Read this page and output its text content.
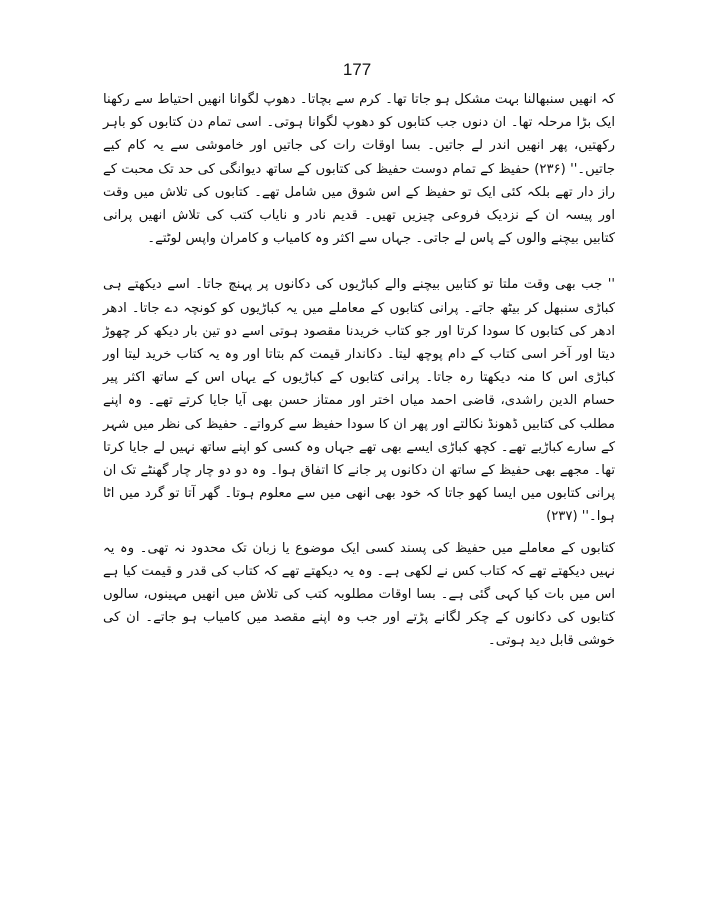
177

کہ انھیں سنبھالنا بہت مشکل ہو جاتا تھا۔ کرم سے بچاتا۔ دھوپ لگوانا انھیں احتیاط سے رکھنا ایک بڑا مرحلہ تھا۔ ان دنوں جب کتابوں کو دھوپ لگوانا ہوتی۔ اسی تمام دن کتابوں کو باہر رکھتیں، پھر انھیں اندر لے جاتیں۔ بسا اوقات رات کی جاتیں اور خاموشی سے یہ کام کیے جاتیں۔'' (۲۳۶) حفیظ کے تمام دوست حفیظ کی کتابوں کے ساتھ دیوانگی کی حد تک محبت کے راز دار تھے بلکہ کئی ایک تو حفیظ کے اس شوق میں شامل تھے۔ کتابوں کی تلاش میں وقت اور پیسہ ان کے نزدیک فروعی چیزیں تھیں۔ قدیم نادر و نایاب کتب کی تلاش انھیں پرانی کتابیں بیچنے والوں کے پاس لے جاتی۔ جہاں سے اکثر وہ کامیاب و کامران واپس لوٹتے۔

'' جب بھی وقت ملتا تو کتابیں بیچنے والے کباڑیوں کی دکانوں پر پہنچ جاتا۔ اسے دیکھتے ہی کباڑی سنبھل کر بیٹھ جاتے۔ پرانی کتابوں کے معاملے میں یہ کباڑیوں کو کونچہ دے جاتا۔ ادھر ادھر کی کتابوں کا سودا کرتا اور جو کتاب خریدنا مقصود ہوتی اسے دو تین بار دیکھ کر چھوڑ دیتا اور آخر اسی کتاب کے دام پوچھ لیتا۔ دکاندار قیمت کم بتاتا اور وہ یہ کتاب خرید لیتا اور کباڑی اس کا منہ دیکھتا رہ جاتا۔ پرانی کتابوں کے کباڑیوں کے یہاں اس کے ساتھ اکثر پیر حسام الدین راشدی، قاضی احمد میاں اختر اور ممتاز حسن بھی آیا جایا کرتے تھے۔ وہ اپنے مطلب کی کتابیں ڈھونڈ نکالتے اور پھر ان کا سودا حفیظ سے کرواتے۔ حفیظ کی نظر میں شہر کے سارے کباڑیے تھے۔ کچھ کباڑی ایسے بھی تھے جہاں وہ کسی کو اپنے ساتھ نہیں لے جایا کرتا تھا۔ مجھے بھی حفیظ کے ساتھ ان دکانوں پر جانے کا اتفاق ہوا۔ وہ دو دو چار چار گھنٹے تک ان پرانی کتابوں میں ایسا کھو جاتا کہ خود بھی انھی میں سے معلوم ہوتا۔ گھر آتا تو گرد میں اٹا ہوا۔'' (۲۳۷)

کتابوں کے معاملے میں حفیظ کی پسند کسی ایک موضوع یا زبان تک محدود نہ تھی۔ وہ یہ نہیں دیکھتے تھے کہ کتاب کس نے لکھی ہے۔ وہ یہ دیکھتے تھے کہ کتاب کی قدر و قیمت کیا ہے اس میں بات کیا کہی گئی ہے۔ بسا اوقات مطلوبہ کتب کی تلاش میں انھیں مہینوں، سالوں کتابوں کی دکانوں کے چکر لگانے پڑتے اور جب وہ اپنے مقصد میں کامیاب ہو جاتے۔ ان کی خوشی قابل دید ہوتی۔
